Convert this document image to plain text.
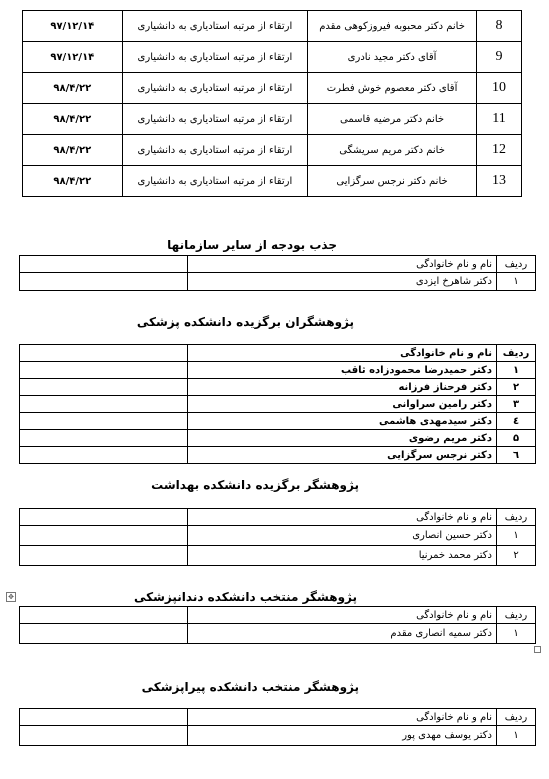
8	خانم دکتر محبوبه فیروزکوهی مقدم	ارتقاء از مرتبه استادیاری به دانشیاری	۹۷/۱۲/۱۴
9	آقای دکتر مجید نادری	ارتقاء از مرتبه استادیاری به دانشیاری	۹۷/۱۲/۱۴
10	آقای دکتر معصوم خوش فطرت	ارتقاء از مرتبه استادیاری به دانشیاری	۹۸/۴/۲۲
11	خانم دکتر مرضیه قاسمی	ارتقاء از مرتبه استادیاری به دانشیاری	۹۸/۴/۲۲
12	خانم دکتر مریم سریشگی	ارتقاء از مرتبه استادیاری به دانشیاری	۹۸/۴/۲۲
13	خانم دکتر نرجس سرگزایی	ارتقاء از مرتبه استادیاری به دانشیاری	۹۸/۴/۲۲
جذب بودجه از سایر سازمانها
ردیف	نام و نام خانوادگی	
۱	دکتر شاهرخ ایزدی	
پژوهشگران برگزیده دانشکده پزشکی
ردیف	نام و نام خانوادگی	
۱	دکتر حمیدرضا محمودزاده ثاقب	
۲	دکتر فرحناز فرزانه	
۳	دکتر رامین سراوانی	
٤	دکتر سیدمهدی هاشمی	
۵	دکتر مریم رضوی	
٦	دکتر نرجس سرگزایی	
پژوهشگر برگزیده دانشکده بهداشت
ردیف	نام و نام خانوادگی	
۱	دکتر حسین انصاری	
۲	دکتر محمد خمرنیا	
✥	پژوهشگر منتخب دانشکده دندانپزشکی
ردیف	نام و نام خانوادگی	
۱	دکتر سمیه انصاری مقدم	
پژوهشگر منتخب دانشکده پیراپزشکی
ردیف	نام و نام خانوادگی	
۱	دکتر یوسف مهدی پور	
